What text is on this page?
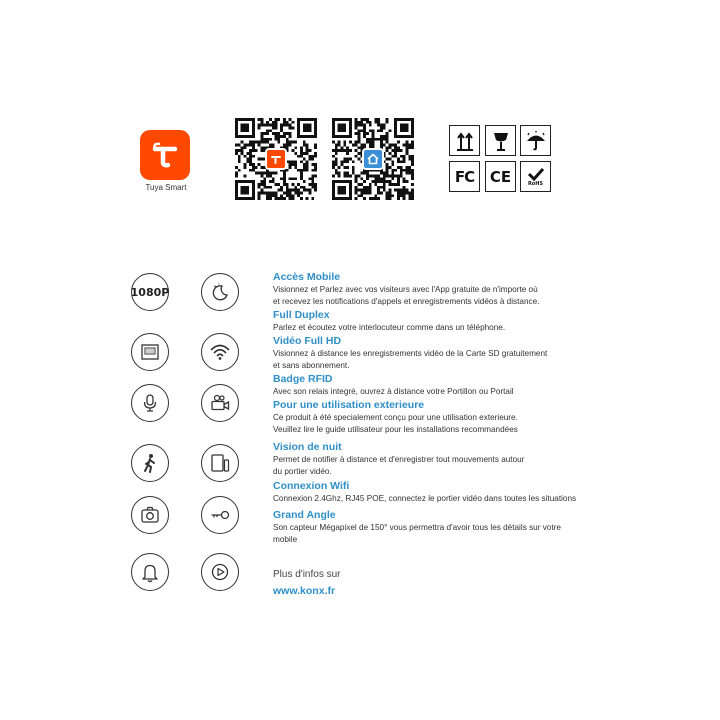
Tuya Smart
FC CE	RoHS
1080P

Accès Mobile

Visionnez et Parlez avec vos visiteurs avec l'App gratuite de n'importe où
et recevez les notifications d'appels et enregistrements vidéos à distance.

Full Duplex

Parlez et écoutez votre interlocuteur comme dans un téléphone.

Vidéo Full HD

Visionnez à distance les enregistrements vidéo de la Carte SD gratuitement
et sans abonnement.

Badge RFID

Avec son relais integré, ouvrez à distance votre Portillon ou Portail

Pour une utilisation exterieure

Ce produit à été specialement conçu pour une utilisation exterieure.
Veuillez lire le guide utilisateur pour les installations recommandées

Vision de nuit

Permet de notifier à distance et d'enregistrer tout mouvements autour
du portier vidéo.

Connexion Wifi

Connexion 2.4Ghz, RJ45 POE, connectez le portier vidéo dans toutes les situations

Grand Angle

Son capteur Mégapixel de 150° vous permettra d'avoir tous les détails sur votre
mobile

Plus d'infos sur
www.konx.fr
